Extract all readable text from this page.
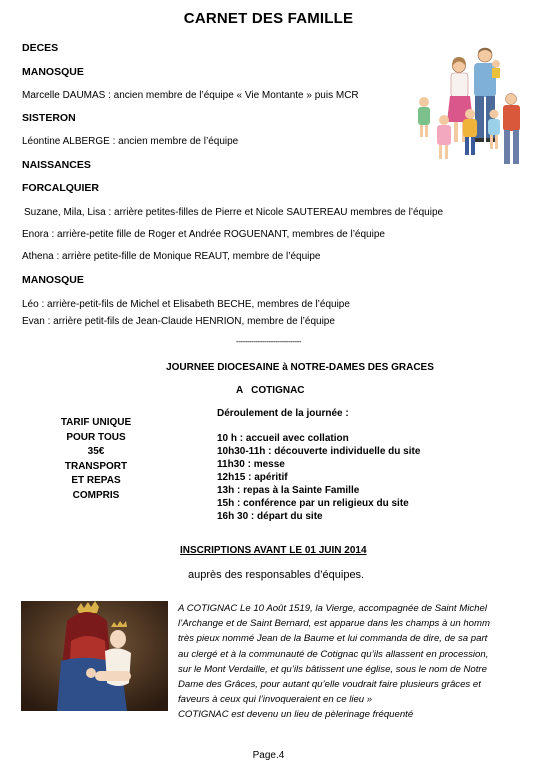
CARNET DES FAMILLE
DECES
MANOSQUE
Marcelle DAUMAS : ancien membre de l’équipe « Vie Montante » puis MCR
SISTERON
Léontine ALBERGE : ancien membre de l’équipe
NAISSANCES
FORCALQUIER
Suzane, Mila, Lisa : arrière petites-filles de Pierre et Nicole SAUTEREAU membres de l’équipe
Enora : arrière-petite fille de Roger et Andrée ROGUENANT, membres de l’équipe
Athena : arrière petite-fille de Monique REAUT, membre de l’équipe
MANOSQUE
Léo : arrière-petit-fils de Michel et Elisabeth BECHE, membres de l’équipe
Evan : arrière petit-fils de Jean-Claude HENRION, membre de l’équipe
------------------------------
JOURNEE DIOCESAINE à NOTRE-DAMES DES GRACES
A   COTIGNAC
TARIF UNIQUE
POUR TOUS
35€
TRANSPORT
ET REPAS
COMPRIS
Déroulement de la journée :
10 h : accueil avec collation
10h30-11h : découverte individuelle du site
11h30 : messe
12h15 : apéritif
13h : repas à la Sainte Famille
15h : conférence par un religieux du site
16h 30 : départ du site
INSCRIPTIONS AVANT LE 01 JUIN 2014
auprès des responsables d’équipes.
A COTIGNAC Le 10 Août 1519, la Vierge, accompagnée de Saint Michel
l’Archange et de Saint Bernard, est apparue dans les champs à un homm
très pieux nommé Jean de la Baume et lui commanda de dire, de sa part
au clergé et à la communauté de Cotignac qu’ils allassent en procession,
sur le Mont Verdaille, et qu’ils bâtissent une église, sous le nom de Notre
Dame des Grâces, pour autant qu’elle voudrait faire plusieurs grâces et
faveurs à ceux qui l’invoqueraient en ce lieu »
COTIGNAC est devenu un lieu de pèlerinage fréquenté
Page.4
